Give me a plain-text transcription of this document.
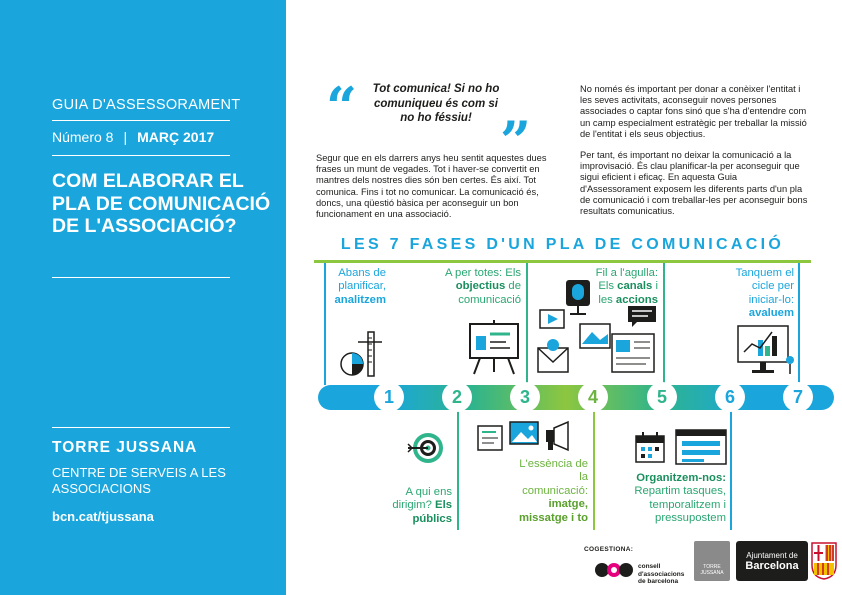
GUIA D'ASSESSORAMENT
Número 8 | MARÇ 2017
COM ELABORAR EL PLA DE COMUNICACIÓ DE L'ASSOCIACIÓ?
TORRE JUSSANA
CENTRE DE SERVEIS A LES ASSOCIACIONS
bcn.cat/tjussana
“ Tot comunica! Si no ho comuniqueu és com si no ho féssiu! ”
Segur que en els darrers anys heu sentit aquestes dues frases un munt de vegades. Tot i haver-se convertit en mantres dels nostres dies són ben certes. És així. Tot comunica. Fins i tot no comunicar. La comunicació és, doncs, una qüestió bàsica per aconseguir un bon funcionament en una associació.
No només és important per donar a conèixer l'entitat i les seves activitats, aconseguir noves persones associades o captar fons sinó que s'ha d'entendre com un camp especialment estratègic per treballar la missió de l'entitat i els seus objectius.
Per tant, és important no deixar la comunicació a la improvisació. És clau planificar-la per aconseguir que sigui eficient i eficaç. En aquesta Guia d'Assessorament exposem les diferents parts d'un pla de comunicació i com treballar-les per aconseguir bons resultats comunicatius.
LES 7 FASES D'UN PLA DE COMUNICACIÓ
1	2	3	4	5	6	7
Abans de planificar, analitzem
A qui ens dirigim? Els públics
A per totes: Els objectius de comunicació
L'essència de la comunicació: imatge, missatge i to
Fil a l'agulla: Els canals i les accions
Organitzem-nos: Repartim tasques, temporalitzem i pressupostem
Tanquem el cicle per iniciar-lo: avaluem
COGESTIONA:
consell d'associacions de barcelona
TORRE JUSSANA
Ajuntament de
Barcelona
